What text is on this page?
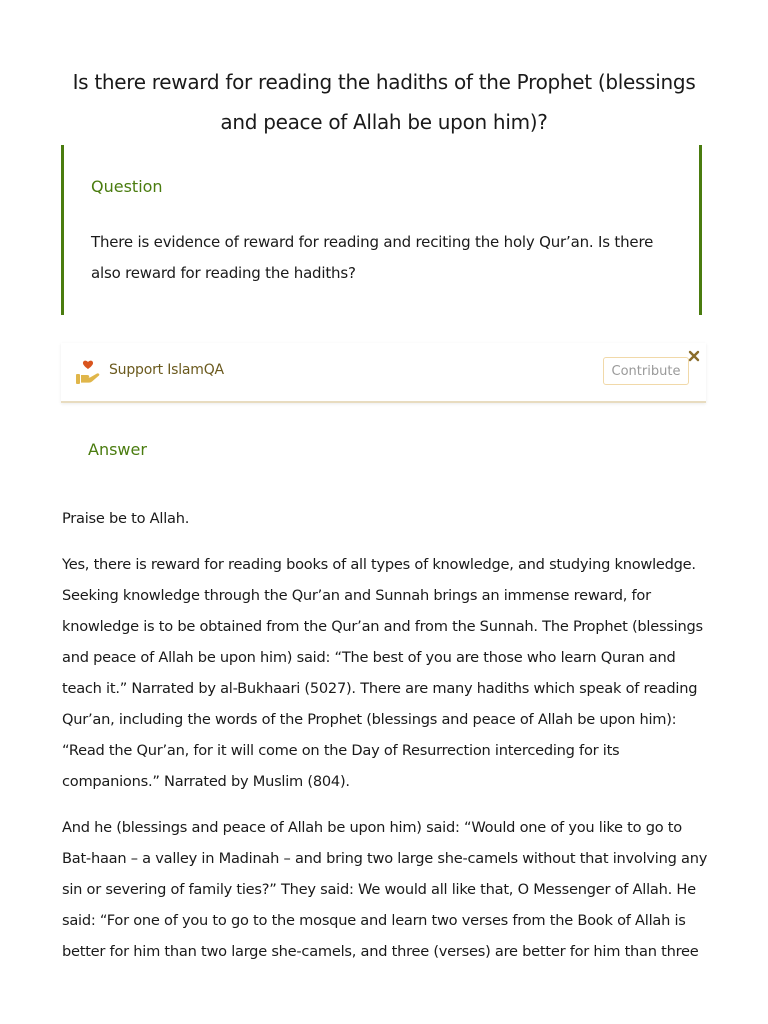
Is there reward for reading the hadiths of the Prophet (blessings and peace of Allah be upon him)?
Question

There is evidence of reward for reading and reciting the holy Qur’an. Is there also reward for reading the hadiths?

Support IslamQA	Contribute
Answer

Praise be to Allah.

Yes, there is reward for reading books of all types of knowledge, and studying knowledge. Seeking knowledge through the Qur’an and Sunnah brings an immense reward, for knowledge is to be obtained from the Qur’an and from the Sunnah. The Prophet (blessings and peace of Allah be upon him) said: “The best of you are those who learn Quran and teach it.” Narrated by al-Bukhaari (5027). There are many hadiths which speak of reading Qur’an, including the words of the Prophet (blessings and peace of Allah be upon him): “Read the Qur’an, for it will come on the Day of Resurrection interceding for its companions.” Narrated by Muslim (804).

And he (blessings and peace of Allah be upon him) said: “Would one of you like to go to Bat-haan – a valley in Madinah – and bring two large she-camels without that involving any sin or severing of family ties?” They said: We would all like that, O Messenger of Allah. He said: “For one of you to go to the mosque and learn two verses from the Book of Allah is better for him than two large she-camels, and three (verses) are better for him than three
